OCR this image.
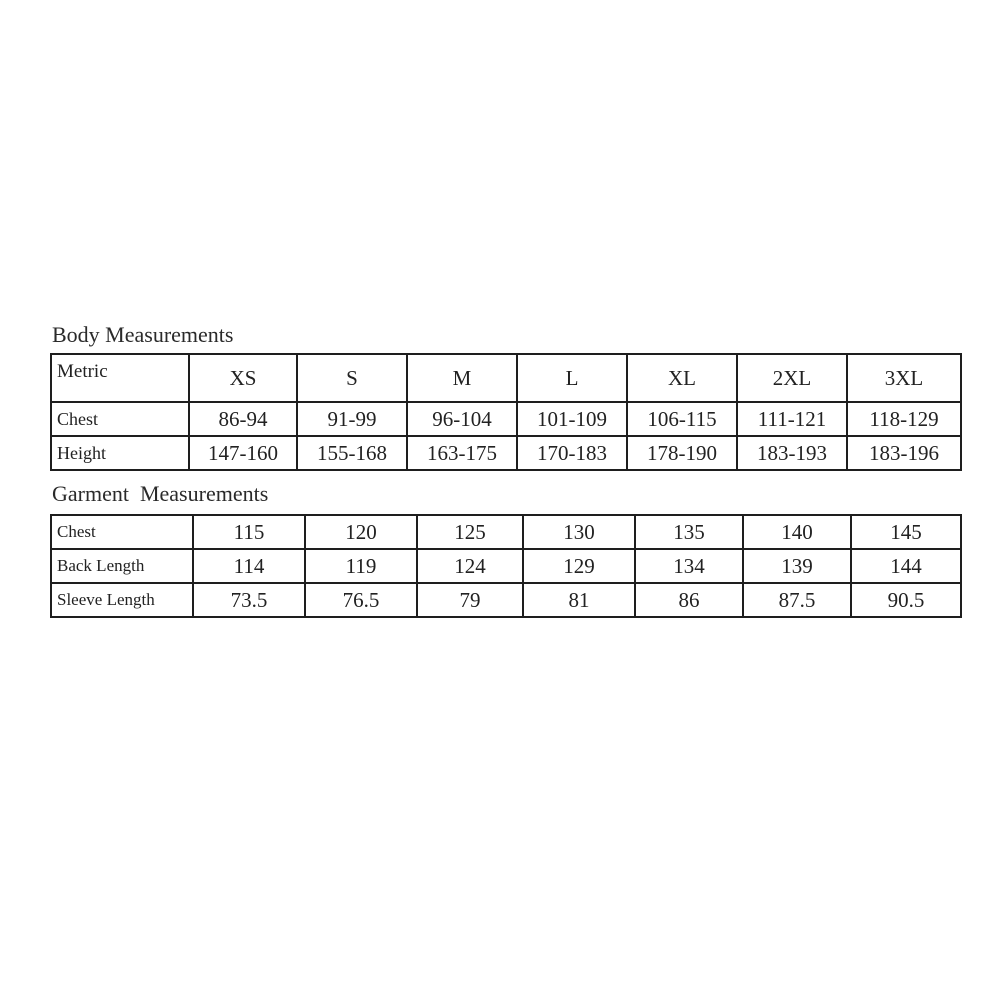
Body Measurements
Metric	XS	S	M	L	XL	2XL	3XL
Chest	86-94	91-99	96-104	101-109	106-115	111-121	118-129
Height	147-160	155-168	163-175	170-183	178-190	183-193	183-196
Garment  Measurements
Chest	115	120	125	130	135	140	145
Back Length	114	119	124	129	134	139	144
Sleeve Length	73.5	76.5	79	81	86	87.5	90.5
